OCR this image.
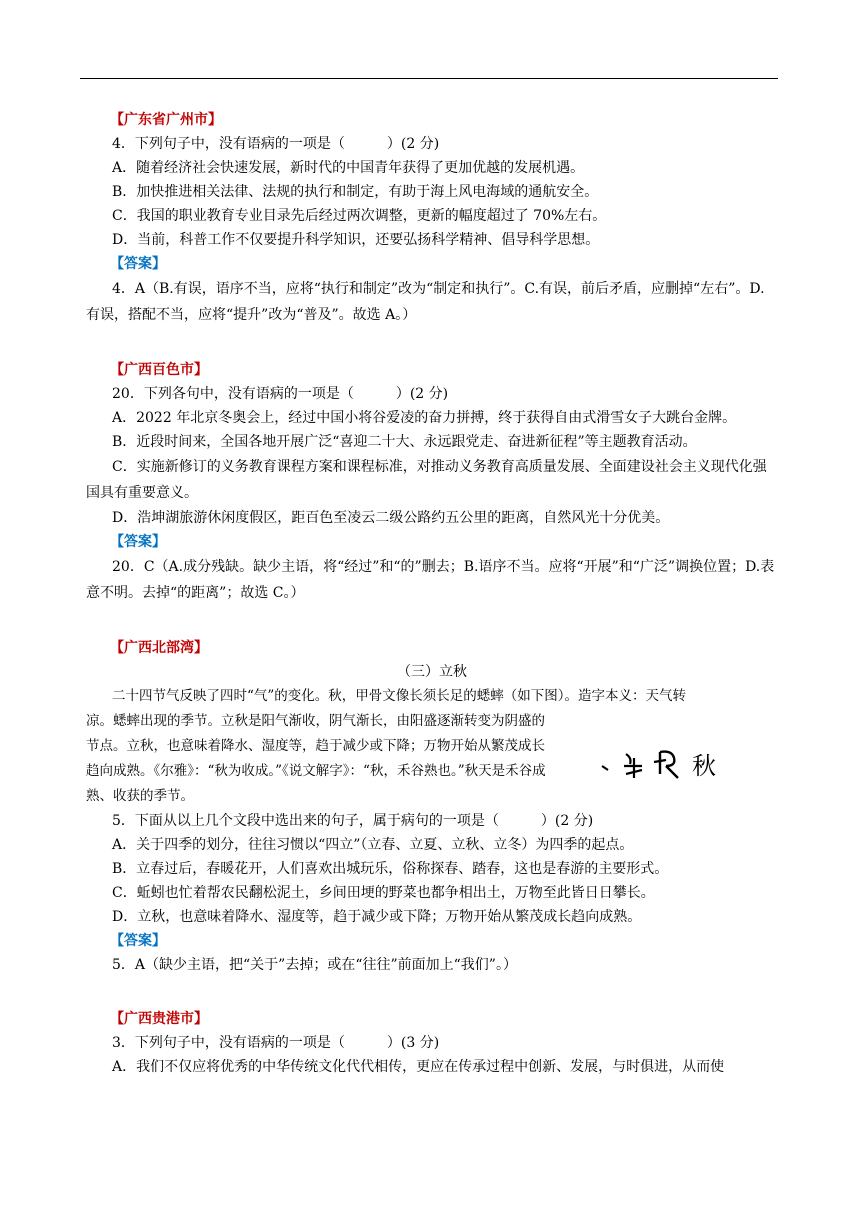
【广东省广州市】
4．下列句子中，没有语病的一项是（　　　）(2 分)
A．随着经济社会快速发展，新时代的中国青年获得了更加优越的发展机遇。
B．加快推进相关法律、法规的执行和制定，有助于海上风电海域的通航安全。
C．我国的职业教育专业目录先后经过两次调整，更新的幅度超过了 70%左右。
D．当前，科普工作不仅要提升科学知识，还要弘扬科学精神、倡导科学思想。
【答案】
4．A（B.有误，语序不当，应将“执行和制定”改为“制定和执行”。C.有误，前后矛盾，应删掉“左右”。D.有误，搭配不当，应将“提升”改为“普及”。故选 A。）
【广西百色市】
20．下列各句中，没有语病的一项是（　　　）(2 分)
A．2022 年北京冬奥会上，经过中国小将谷爱凌的奋力拼搏，终于获得自由式滑雪女子大跳台金牌。
B．近段时间来，全国各地开展广泛“喜迎二十大、永远跟党走、奋进新征程”等主题教育活动。
C．实施新修订的义务教育课程方案和课程标准，对推动义务教育高质量发展、全面建设社会主义现代化强国具有重要意义。
D．浩坤湖旅游休闲度假区，距百色至凌云二级公路约五公里的距离，自然风光十分优美。
【答案】
20．C（A.成分残缺。缺少主语，将“经过”和“的”删去；B.语序不当。应将“开展”和“广泛”调换位置；D.表意不明。去掉“的距离”；故选 C。）
【广西北部湾】
（三）立秋
二十四节气反映了四时“气”的变化。秋，甲骨文像长须长足的蟋蟀（如下图）。造字本义：天气转
凉。蟋蟀出现的季节。立秋是阳气渐收，阴气渐长，由阳盛逐渐转变为阴盛的节点。立秋，也意味着降水、湿度等，趋于减少或下降；万物开始从繁茂成长趋向成熟。《尔雅》：“秋为收成。”《说文解字》：“秋，禾谷熟也。”秋天是禾谷成熟、收获的季节。
秋
5．下面从以上几个文段中选出来的句子，属于病句的一项是（　　　）(2 分)
A．关于四季的划分，往往习惯以“四立”（立春、立夏、立秋、立冬）为四季的起点。
B．立春过后，春暖花开，人们喜欢出城玩乐，俗称探春、踏春，这也是春游的主要形式。
C．蚯蚓也忙着帮农民翻松泥土，乡间田埂的野菜也都争相出土，万物至此皆日日攀长。
D．立秋，也意味着降水、湿度等，趋于减少或下降；万物开始从繁茂成长趋向成熟。
【答案】
5．A（缺少主语，把“关于”去掉；或在“往往”前面加上“我们”。）
【广西贵港市】
3．下列句子中，没有语病的一项是（　　　）(3 分)
A．我们不仅应将优秀的中华传统文化代代相传，更应在传承过程中创新、发展，与时俱进，从而使
